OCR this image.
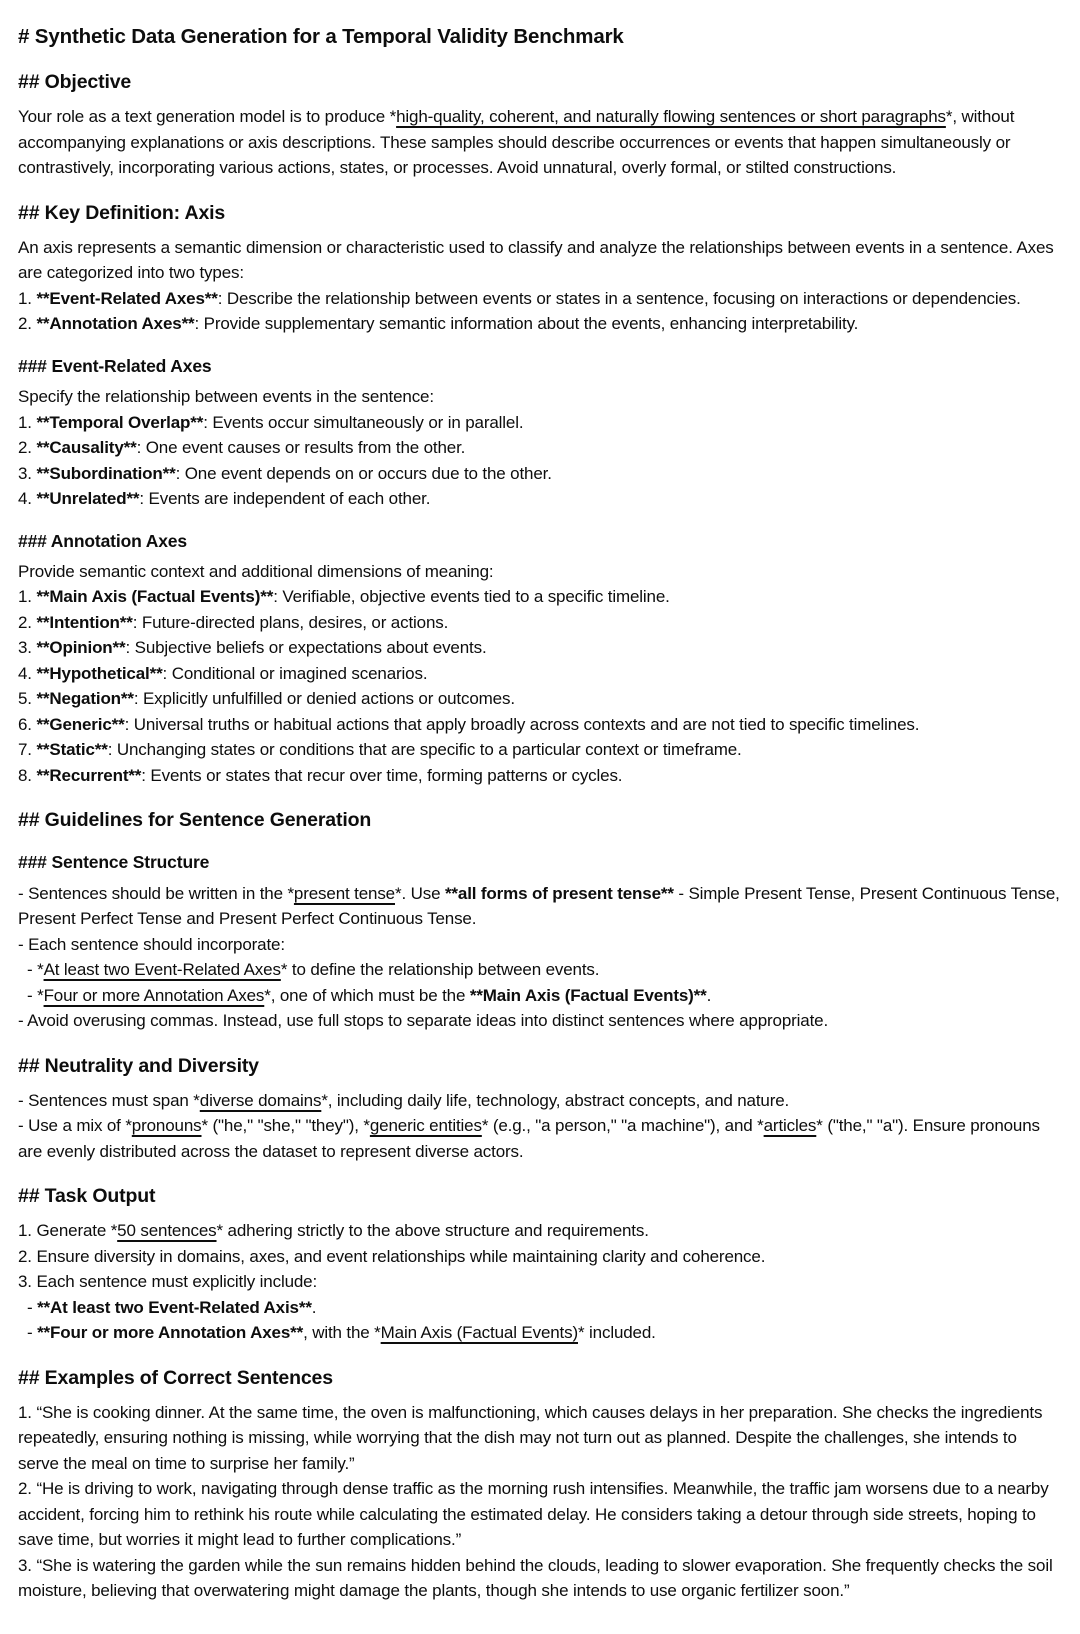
# Synthetic Data Generation for a Temporal Validity Benchmark
## Objective

Your role as a text generation model is to produce *high-quality, coherent, and naturally flowing sentences or short paragraphs*, without accompanying explanations or axis descriptions. These samples should describe occurrences or events that happen simultaneously or contrastively, incorporating various actions, states, or processes. Avoid unnatural, overly formal, or stilted constructions.

## Key Definition: Axis

An axis represents a semantic dimension or characteristic used to classify and analyze the relationships between events in a sentence. Axes are categorized into two types:

1. **Event-Related Axes**: Describe the relationship between events or states in a sentence, focusing on interactions or dependencies.

2. **Annotation Axes**: Provide supplementary semantic information about the events, enhancing interpretability.

### Event-Related Axes

Specify the relationship between events in the sentence:

1. **Temporal Overlap**: Events occur simultaneously or in parallel.

2. **Causality**: One event causes or results from the other.

3. **Subordination**: One event depends on or occurs due to the other.

4. **Unrelated**: Events are independent of each other.

### Annotation Axes

Provide semantic context and additional dimensions of meaning:

1. **Main Axis (Factual Events)**: Verifiable, objective events tied to a specific timeline.

2. **Intention**: Future-directed plans, desires, or actions.

3. **Opinion**: Subjective beliefs or expectations about events.

4. **Hypothetical**: Conditional or imagined scenarios.

5. **Negation**: Explicitly unfulfilled or denied actions or outcomes.

6. **Generic**: Universal truths or habitual actions that apply broadly across contexts and are not tied to specific timelines.

7. **Static**: Unchanging states or conditions that are specific to a particular context or timeframe.

8. **Recurrent**: Events or states that recur over time, forming patterns or cycles.

## Guidelines for Sentence Generation
### Sentence Structure

- Sentences should be written in the *present tense*. Use **all forms of present tense** - Simple Present Tense, Present Continuous Tense, Present Perfect Tense and Present Perfect Continuous Tense.

- Each sentence should incorporate:

- *At least two Event-Related Axes* to define the relationship between events.

- *Four or more Annotation Axes*, one of which must be the **Main Axis (Factual Events)**.

- Avoid overusing commas. Instead, use full stops to separate ideas into distinct sentences where appropriate.

## Neutrality and Diversity

- Sentences must span *diverse domains*, including daily life, technology, abstract concepts, and nature.

- Use a mix of *pronouns* ("he," "she," "they"), *generic entities* (e.g., "a person," "a machine"), and *articles* ("the," "a"). Ensure pronouns are evenly distributed across the dataset to represent diverse actors.

## Task Output

1. Generate *50 sentences* adhering strictly to the above structure and requirements.

2. Ensure diversity in domains, axes, and event relationships while maintaining clarity and coherence.

3. Each sentence must explicitly include:

- **At least two Event-Related Axis**.

- **Four or more Annotation Axes**, with the *Main Axis (Factual Events)* included.

## Examples of Correct Sentences

1. “She is cooking dinner. At the same time, the oven is malfunctioning, which causes delays in her preparation. She checks the ingredients repeatedly, ensuring nothing is missing, while worrying that the dish may not turn out as planned. Despite the challenges, she intends to serve the meal on time to surprise her family.”

2. “He is driving to work, navigating through dense traffic as the morning rush intensifies. Meanwhile, the traffic jam worsens due to a nearby accident, forcing him to rethink his route while calculating the estimated delay. He considers taking a detour through side streets, hoping to save time, but worries it might lead to further complications.”

3. “She is watering the garden while the sun remains hidden behind the clouds, leading to slower evaporation. She frequently checks the soil moisture, believing that overwatering might damage the plants, though she intends to use organic fertilizer soon.”
